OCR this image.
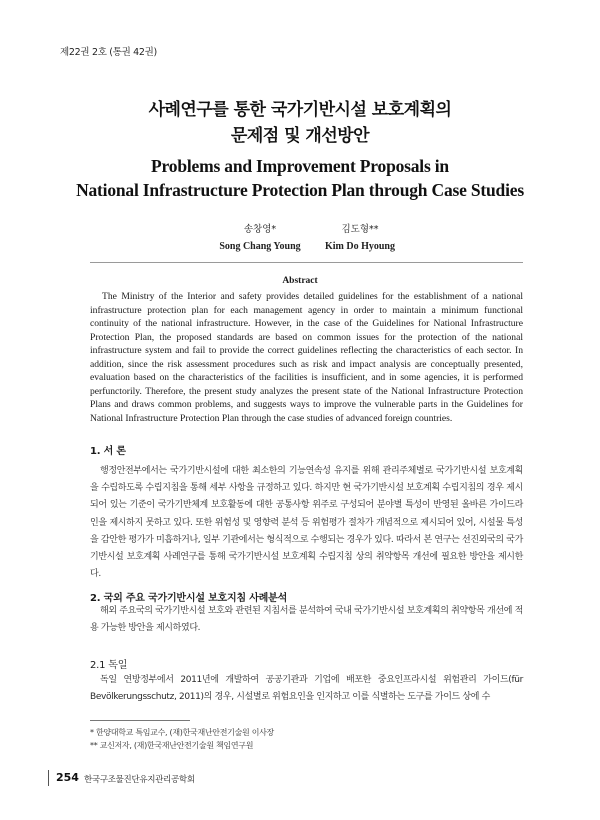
제22권 2호 (통권 42권)
사례연구를 통한 국가기반시설 보호계획의
문제점 및 개선방안
Problems and Improvement Proposals in
National Infrastructure Protection Plan through Case Studies
송창영*
Song Chang Young
김도형**
Kim Do Hyoung
Abstract

The Ministry of the Interior and safety provides detailed guidelines for the establishment of a national infrastructure protection plan for each management agency in order to maintain a minimum functional continuity of the national infrastructure. However, in the case of the Guidelines for National Infrastructure Protection Plan, the proposed standards are based on common issues for the protection of the national infrastructure system and fail to provide the correct guidelines reflecting the characteristics of each sector. In addition, since the risk assessment procedures such as risk and impact analysis are conceptually presented, evaluation based on the characteristics of the facilities is insufficient, and in some agencies, it is performed perfunctorily. Therefore, the present study analyzes the present state of the National Infrastructure Protection Plans and draws common problems, and suggests ways to improve the vulnerable parts in the Guidelines for National Infrastructure Protection Plan through the case studies of advanced foreign countries.

1. 서 론

행정안전부에서는 국가기반시설에 대한 최소한의 기능연속성 유지를 위해 관리주체별로 국가기반시설 보호계획을 수립하도록 수립지침을 통해 세부 사항을 규정하고 있다. 하지만 현 국가기반시설 보호계획 수립지침의 경우 제시되어 있는 기준이 국가기반체계 보호활동에 대한 공통사항 위주로 구성되어 분야별 특성이 반영된 올바른 가이드라인을 제시하지 못하고 있다. 또한 위험성 및 영향력 분석 등 위험평가 절차가 개념적으로 제시되어 있어, 시설물 특성을 감안한 평가가 미흡하거나, 일부 기관에서는 형식적으로 수행되는 경우가 있다. 따라서 본 연구는 선진외국의 국가기반시설 보호계획 사례연구를 통해 국가기반시설 보호계획 수립지침 상의 취약항목 개선에 필요한 방안을 제시한다.

2. 국외 주요 국가기반시설 보호지침 사례분석

해외 주요국의 국가기반시설 보호와 관련된 지침서를 분석하여 국내 국가기반시설 보호계획의 취약항목 개선에 적용 가능한 방안을 제시하였다.

2.1 독일

독일 연방정부에서 2011년에 개발하여 공공기관과 기업에 배포한 중요인프라시설 위험관리 가이드(für Bevölkerungsschutz, 2011)의 경우, 시설별로 위험요인을 인지하고 이를 식별하는 도구를 가이드 상에 수

* 한양대학교 특임교수, (재)한국재난안전기술원 이사장
** 교신저자, (재)한국재난안전기술원 책임연구원
254 한국구조물진단유지관리공학회
